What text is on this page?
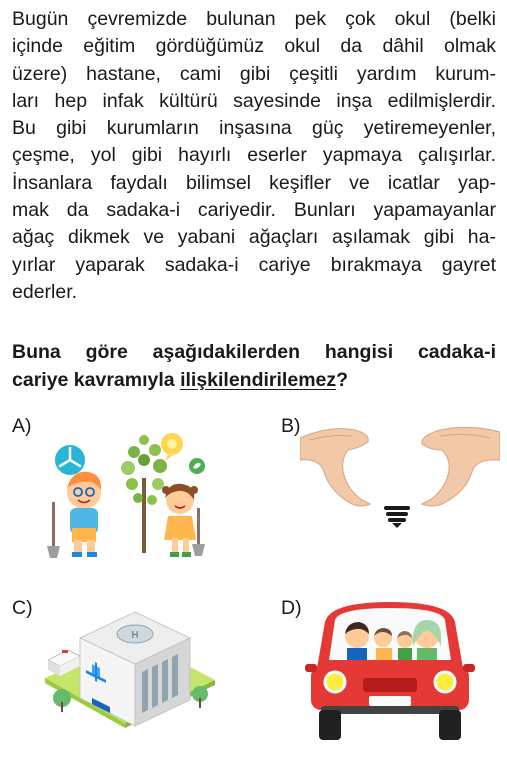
Bugün çevremizde bulunan pek çok okul (belki
içinde eğitim gördüğümüz okul da dâhil olmak
üzere) hastane, cami gibi çeşitli yardım kurum-
ları hep infak kültürü sayesinde inşa edilmişlerdir.
Bu gibi kurumların inşasına güç yetiremeyenler,
çeşme, yol gibi hayırlı eserler yapmaya çalışırlar.
İnsanlara faydalı bilimsel keşifler ve icatlar yap-
mak da sadaka-i cariyedir. Bunları yapamayanlar
ağaç dikmek ve yabani ağaçları aşılamak gibi ha-
yırlar yaparak sadaka-i cariye bırakmaya gayret
ederler.
Buna göre aşağıdakilerden hangisi cadaka-i
cariye kavramıyla ilişkilendirilemez?
A)	B)
C)
H
D)
